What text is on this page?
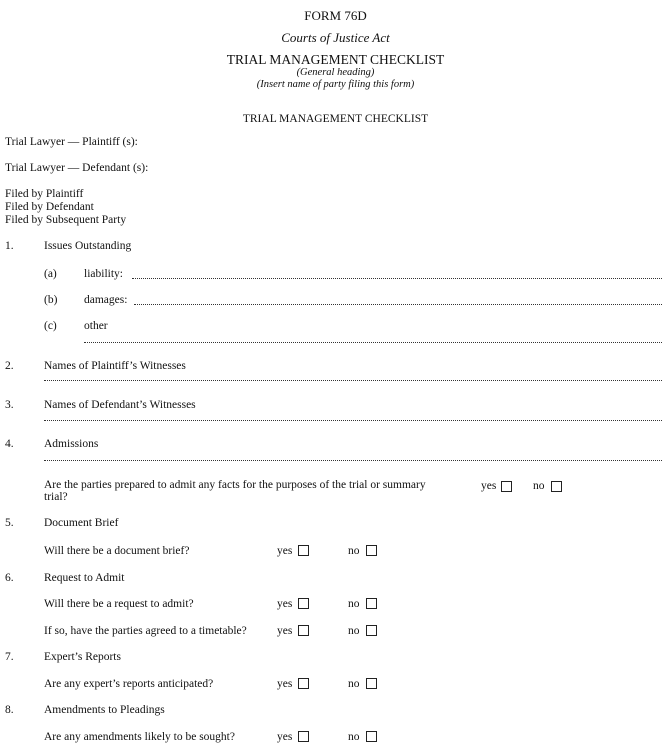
FORM 76D
Courts of Justice Act
TRIAL MANAGEMENT CHECKLIST
(General heading)
(Insert name of party filing this form)
TRIAL MANAGEMENT CHECKLIST
Trial Lawyer — Plaintiff (s):
Trial Lawyer — Defendant (s):
Filed by Plaintiff
Filed by Defendant
Filed by Subsequent Party
1.	Issues Outstanding
(a) liability:
(b) damages:
(c) other
2.	Names of Plaintiff’s Witnesses
3.	Names of Defendant’s Witnesses
4.	Admissions
Are the parties prepared to admit any facts for the purposes of the trial or summary
trial?
yes	no
5.	Document Brief
Will there be a document brief?	yes	no
6.	Request to Admit
Will there be a request to admit?	yes	no
If so, have the parties agreed to a timetable?	yes	no
7.	Expert’s Reports
Are any expert’s reports anticipated?	yes	no
8.	Amendments to Pleadings
Are any amendments likely to be sought?	yes	no
